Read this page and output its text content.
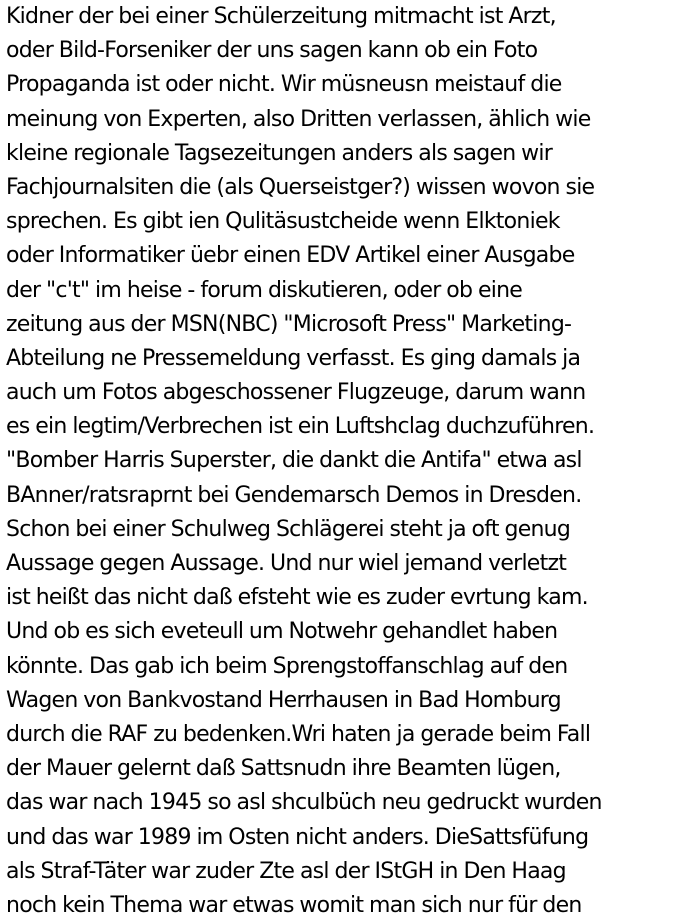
Kidner der bei einer Schülerzeitung mitmacht ist Arzt,
oder Bild-Forseniker der uns sagen kann ob ein Foto
Propaganda ist oder nicht. Wir müsneusn meistauf die
meinung von Experten, also Dritten verlassen, ählich wie
kleine regionale Tagsezeitungen anders als sagen wir
Fachjournalsiten die (als Querseistger?) wissen wovon sie
sprechen. Es gibt ien Qulitäsustcheide wenn Elktoniek
oder Informatiker üebr einen EDV Artikel einer Ausgabe
der "c't" im heise - forum diskutieren, oder ob eine
zeitung aus der MSN(NBC) "Microsoft Press" Marketing-
Abteilung ne Pressemeldung verfasst. Es ging damals ja
auch um Fotos abgeschossener Flugzeuge, darum wann
es ein legtim/Verbrechen ist ein Luftshclag duchzuführen.
"Bomber Harris Superster, die dankt die Antifa" etwa asl
BAnner/ratsraprnt bei Gendemarsch Demos in Dresden.
Schon bei einer Schulweg Schlägerei steht ja oft genug
Aussage gegen Aussage. Und nur wiel jemand verletzt
ist heißt das nicht daß efsteht wie es zuder evrtung kam.
Und ob es sich eveteull um Notwehr gehandlet haben
könnte. Das gab ich beim Sprengstoffanschlag auf den
Wagen von Bankvostand Herrhausen in Bad Homburg
durch die RAF zu bedenken.Wri haten ja gerade beim Fall
der Mauer gelernt daß Sattsnudn ihre Beamten lügen,
das war nach 1945 so asl shculbüch neu gedruckt wurden
und das war 1989 im Osten nicht anders. DieSattsfüfung
als Straf-Täter war zuder Zte asl der IStGH in Den Haag
noch kein Thema war etwas womit man sich nur für den
